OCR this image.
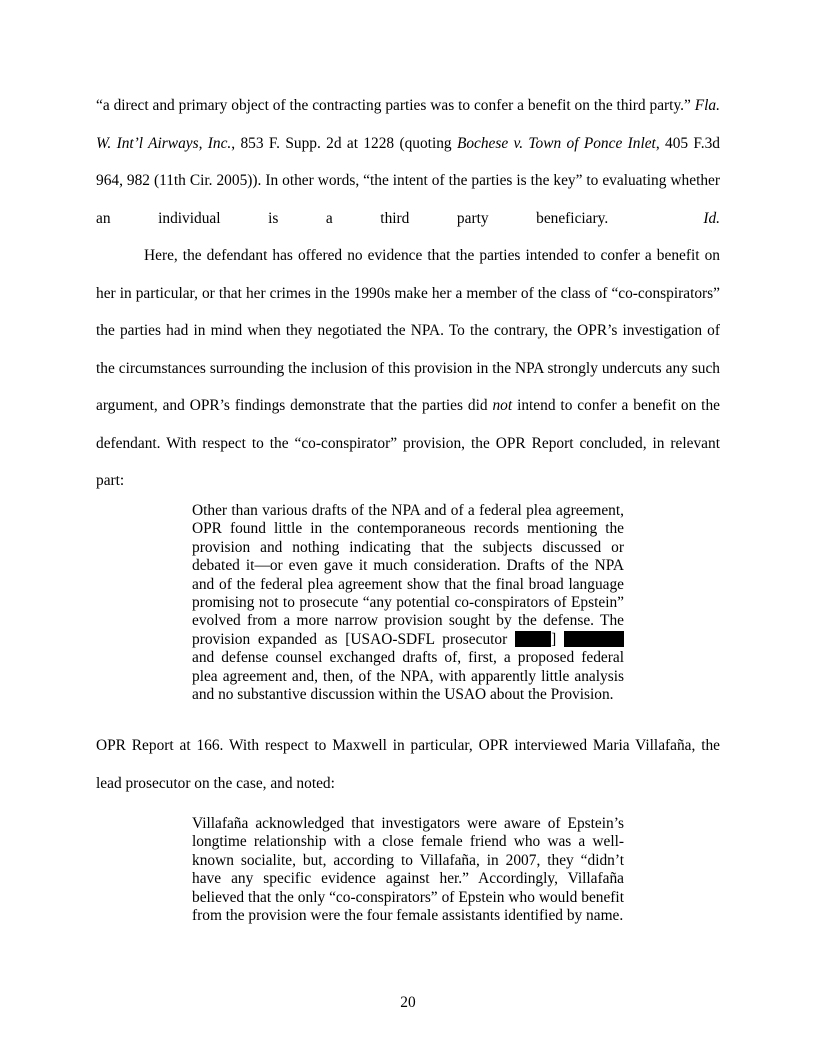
“a direct and primary object of the contracting parties was to confer a benefit on the third party.” Fla. W. Int’l Airways, Inc., 853 F. Supp. 2d at 1228 (quoting Bochese v. Town of Ponce Inlet, 405 F.3d 964, 982 (11th Cir. 2005)). In other words, “the intent of the parties is the key” to evaluating whether an individual is a third party beneficiary.	Id.

Here, the defendant has offered no evidence that the parties intended to confer a benefit on her in particular, or that her crimes in the 1990s make her a member of the class of “co-conspirators” the parties had in mind when they negotiated the NPA. To the contrary, the OPR’s investigation of the circumstances surrounding the inclusion of this provision in the NPA strongly undercuts any such argument, and OPR’s findings demonstrate that the parties did not intend to confer a benefit on the defendant. With respect to the “co-conspirator” provision, the OPR Report concluded, in relevant part:

Other than various drafts of the NPA and of a federal plea agreement, OPR found little in the contemporaneous records mentioning the provision and nothing indicating that the subjects discussed or debated it—or even gave it much consideration. Drafts of the NPA and of the federal plea agreement show that the final broad language promising not to prosecute “any potential co-conspirators of Epstein” evolved from a more narrow provision sought by the defense. The provision expanded as [USAO-SDFL prosecutor	]  and defense counsel exchanged drafts of, first, a proposed federal plea agreement and, then, of the NPA, with apparently little analysis and no substantive discussion within the USAO about the Provision.

OPR Report at 166. With respect to Maxwell in particular, OPR interviewed Maria Villafaña, the lead prosecutor on the case, and noted:

Villafaña acknowledged that investigators were aware of Epstein’s longtime relationship with a close female friend who was a well-known socialite, but, according to Villafaña, in 2007, they “didn’t have any specific evidence against her.” Accordingly, Villafaña believed that the only “co-conspirators” of Epstein who would benefit from the provision were the four female assistants identified by name.

20
